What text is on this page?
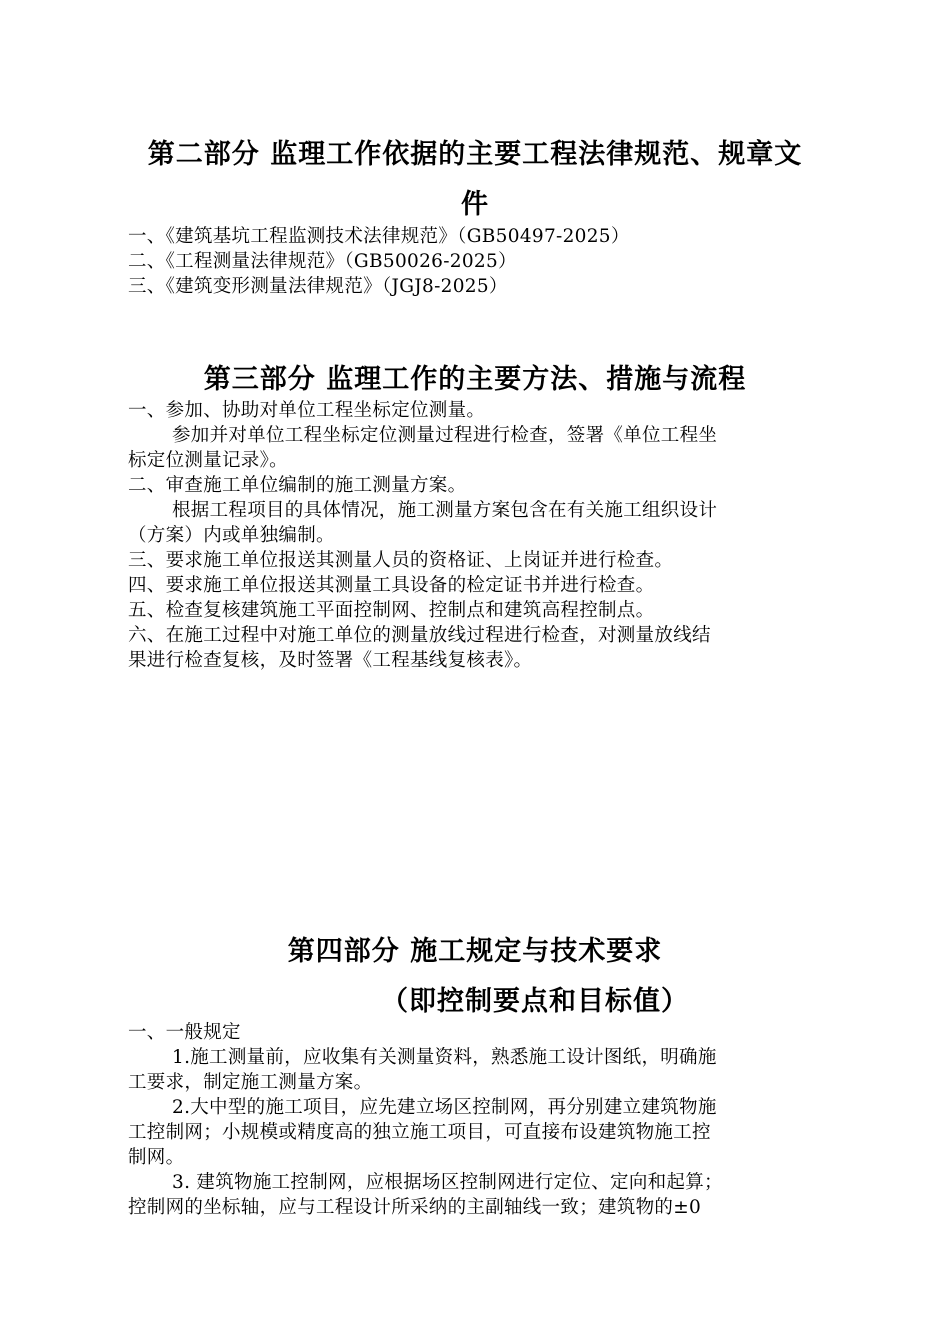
第二部分 监理工作依据的主要工程法律规范、规章文
件
一、《建筑基坑工程监测技术法律规范》（GB50497-2025）
二、《工程测量法律规范》（GB50026-2025）
三、《建筑变形测量法律规范》（JGJ8-2025）
第三部分 监理工作的主要方法、措施与流程
一、参加、协助对单位工程坐标定位测量。
参加并对单位工程坐标定位测量过程进行检查，签署《单位工程坐
标定位测量记录》。
二、审查施工单位编制的施工测量方案。
根据工程项目的具体情况，施工测量方案包含在有关施工组织设计
（方案）内或单独编制。
三、要求施工单位报送其测量人员的资格证、上岗证并进行检查。
四、要求施工单位报送其测量工具设备的检定证书并进行检查。
五、检查复核建筑施工平面控制网、控制点和建筑高程控制点。
六、在施工过程中对施工单位的测量放线过程进行检查，对测量放线结
果进行检查复核，及时签署《工程基线复核表》。
第四部分 施工规定与技术要求
（即控制要点和目标值）
一、一般规定
1.施工测量前，应收集有关测量资料，熟悉施工设计图纸，明确施
工要求，制定施工测量方案。
2.大中型的施工项目，应先建立场区控制网，再分别建立建筑物施
工控制网；小规模或精度高的独立施工项目，可直接布设建筑物施工控
制网。
3. 建筑物施工控制网，应根据场区控制网进行定位、定向和起算；
控制网的坐标轴，应与工程设计所采纳的主副轴线一致；建筑物的±0
